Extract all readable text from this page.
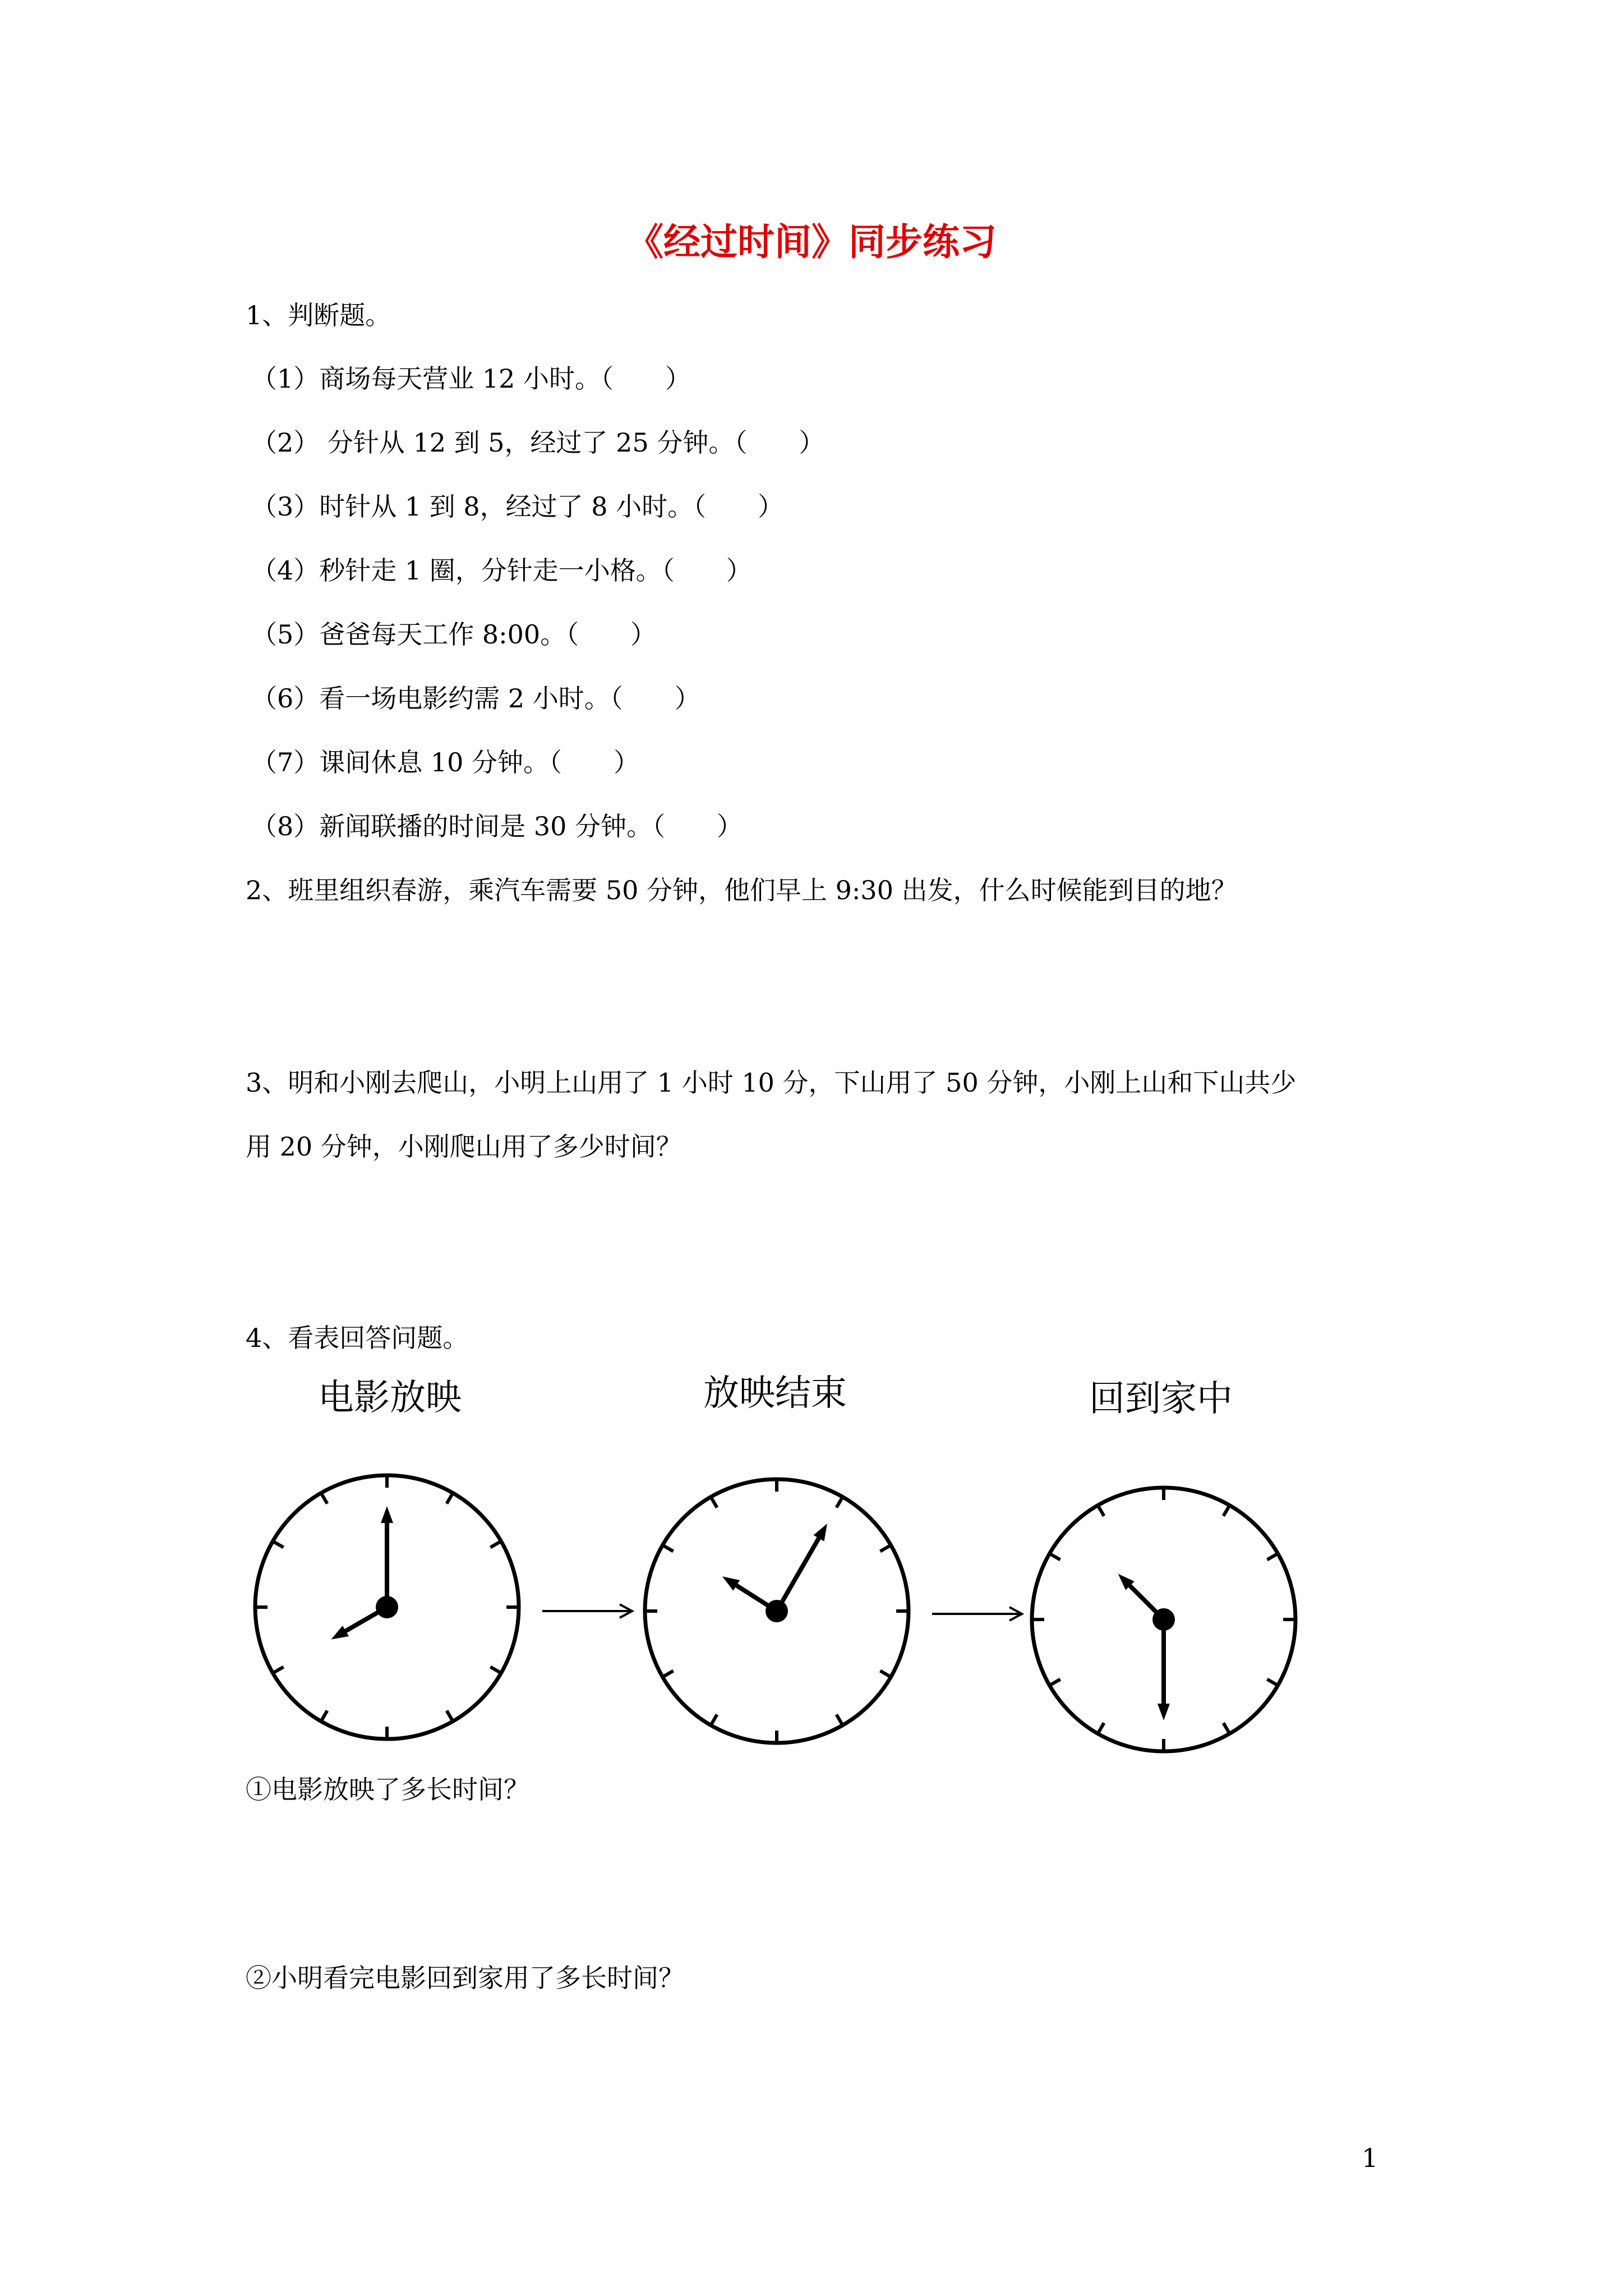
《经过时间》同步练习
1、判断题。
（1）商场每天营业 12 小时。（　　）
（2） 分针从 12 到 5，经过了 25 分钟。（　　）
（3）时针从 1 到 8，经过了 8 小时。（　　）
（4）秒针走 1 圈，分针走一小格。（　　）
（5）爸爸每天工作 8:00。（　　）
（6）看一场电影约需 2 小时。（　　）
（7）课间休息 10 分钟。（　　）
（8）新闻联播的时间是 30 分钟。（　　）
2、班里组织春游，乘汽车需要 50 分钟，他们早上 9:30 出发，什么时候能到目的地？
3、明和小刚去爬山，小明上山用了 1 小时 10 分，下山用了 50 分钟，小刚上山和下山共少
用 20 分钟，小刚爬山用了多少时间？
4、看表回答问题。
电影放映	放映结束	回到家中
①电影放映了多长时间？
②小明看完电影回到家用了多长时间？
1
